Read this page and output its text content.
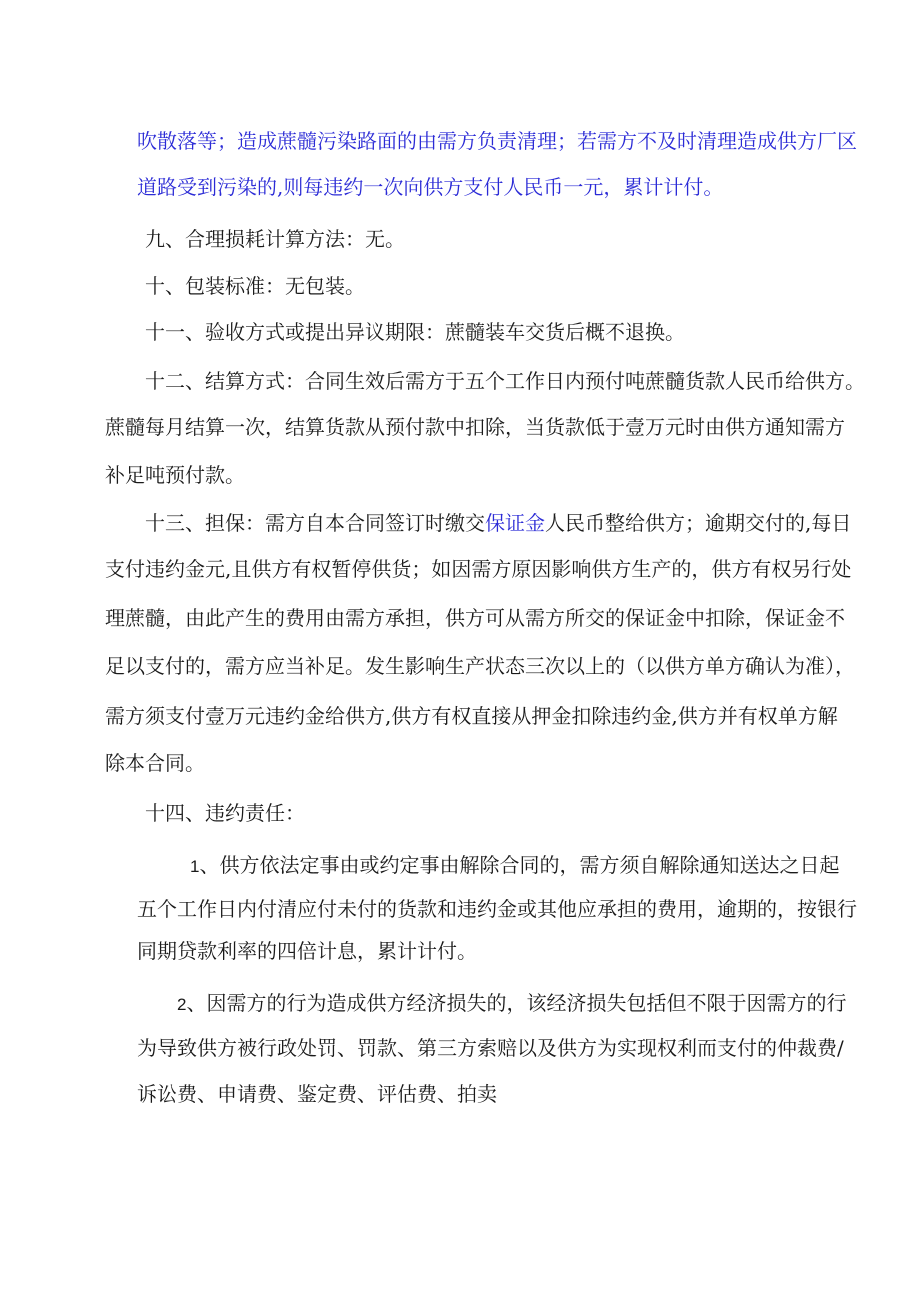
吹散落等；造成蔗髓污染路面的由需方负责清理；若需方不及时清理造成供方厂区
道路受到污染的,则每违约一次向供方支付人民币一元，累计计付。
九、合理损耗计算方法：无。
十、包装标准：无包装。
十一、验收方式或提出异议期限：蔗髓装车交货后概不退换。
十二、结算方式：合同生效后需方于五个工作日内预付吨蔗髓货款人民币给供方。
蔗髓每月结算一次，结算货款从预付款中扣除，当货款低于壹万元时由供方通知需方
补足吨预付款。
十三、担保：需方自本合同签订时缴交保证金人民币整给供方；逾期交付的,每日
支付违约金元,且供方有权暂停供货；如因需方原因影响供方生产的，供方有权另行处
理蔗髓，由此产生的费用由需方承担，供方可从需方所交的保证金中扣除，保证金不
足以支付的，需方应当补足。发生影响生产状态三次以上的（以供方单方确认为准），
需方须支付壹万元违约金给供方,供方有权直接从押金扣除违约金,供方并有权单方解
除本合同。
十四、违约责任：
1、供方依法定事由或约定事由解除合同的，需方须自解除通知送达之日起
五个工作日内付清应付未付的货款和违约金或其他应承担的费用，逾期的，按银行
同期贷款利率的四倍计息，累计计付。
2、因需方的行为造成供方经济损失的，该经济损失包括但不限于因需方的行
为导致供方被行政处罚、罚款、第三方索赔以及供方为实现权利而支付的仲裁费/
诉讼费、申请费、鉴定费、评估费、拍卖
